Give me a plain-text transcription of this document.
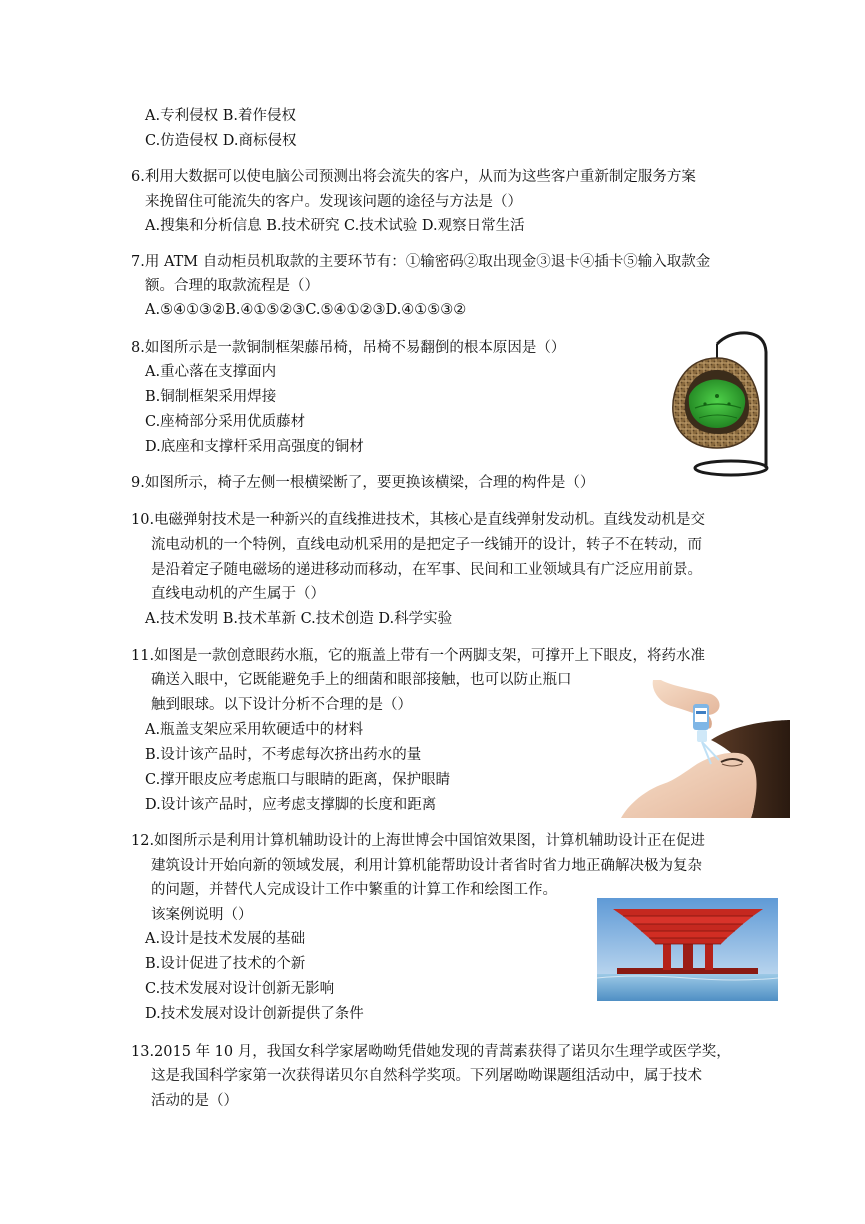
A.专利侵权 B.着作侵权
C.仿造侵权 D.商标侵权
6.利用大数据可以使电脑公司预测出将会流失的客户，从而为这些客户重新制定服务方案
来挽留住可能流失的客户。发现该问题的途径与方法是（）
A.搜集和分析信息 B.技术研究 C.技术试验 D.观察日常生活
7.用 ATM 自动柜员机取款的主要环节有：①输密码②取出现金③退卡④插卡⑤输入取款金
额。合理的取款流程是（）
A.⑤④①③②B.④①⑤②③C.⑤④①②③D.④①⑤③②
8.如图所示是一款铜制框架藤吊椅，吊椅不易翻倒的根本原因是（）
A.重心落在支撑面内
B.铜制框架采用焊接
C.座椅部分采用优质藤材
D.底座和支撑杆采用高强度的铜材
9.如图所示，椅子左侧一根横梁断了，要更换该横梁，合理的构件是（）
10.电磁弹射技术是一种新兴的直线推进技术，其核心是直线弹射发动机。直线发动机是交
流电动机的一个特例，直线电动机采用的是把定子一线铺开的设计，转子不在转动，而
是沿着定子随电磁场的递进移动而移动，在军事、民间和工业领域具有广泛应用前景。
直线电动机的产生属于（）
A.技术发明 B.技术革新 C.技术创造 D.科学实验
11.如图是一款创意眼药水瓶，它的瓶盖上带有一个两脚支架，可撑开上下眼皮，将药水准
确送入眼中，它既能避免手上的细菌和眼部接触，也可以防止瓶口
触到眼球。以下设计分析不合理的是（）
A.瓶盖支架应采用软硬适中的材料
B.设计该产品时，不考虑每次挤出药水的量
C.撑开眼皮应考虑瓶口与眼睛的距离，保护眼睛
D.设计该产品时，应考虑支撑脚的长度和距离
12.如图所示是利用计算机辅助设计的上海世博会中国馆效果图，计算机辅助设计正在促进
建筑设计开始向新的领域发展，利用计算机能帮助设计者省时省力地正确解决极为复杂
的问题，并替代人完成设计工作中繁重的计算工作和绘图工作。
该案例说明（）
A.设计是技术发展的基础
B.设计促进了技术的个新
C.技术发展对设计创新无影响
D.技术发展对设计创新提供了条件
13.2015 年 10 月，我国女科学家屠呦呦凭借她发现的青蒿素获得了诺贝尔生理学或医学奖，
这是我国科学家第一次获得诺贝尔自然科学奖项。下列屠呦呦课题组活动中，属于技术
活动的是（）
